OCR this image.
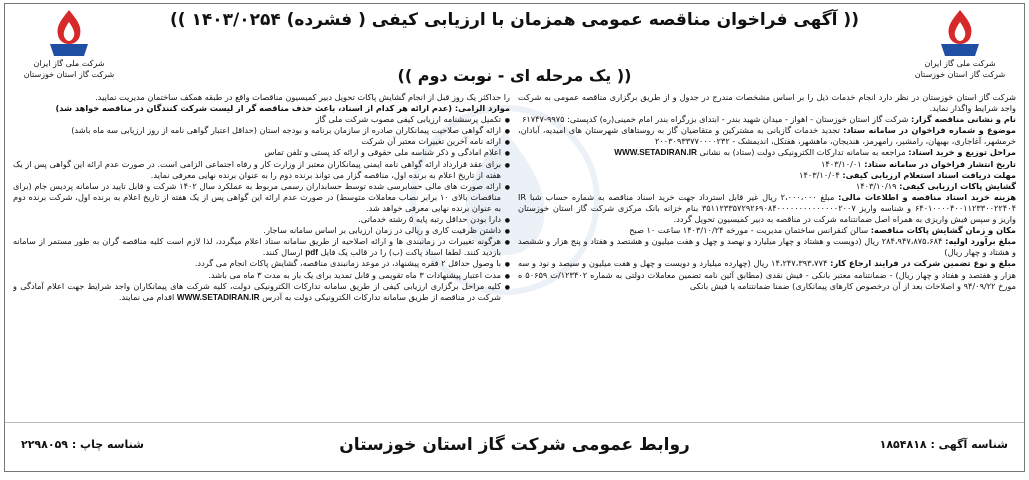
شرکت ملی گاز ایران
شرکت گاز استان خوزستان
شرکت ملی گاز ایران
شرکت گاز استان خوزستان
(( آگهی فراخوان مناقصه عمومی همزمان با ارزیابی کیفی ( فشرده) ۱۴۰۳/۰۲۵۴ ))
(( یک مرحله ای - نوبت دوم ))

شرکت گاز استان خوزستان در نظر دارد انجام خدمات ذیل را بر اساس مشخصات مندرج در جدول و از طریق برگزاری مناقصه عمومی به شرکت واجد شرایط واگذار نماید.

نام و نشانی مناقصه گزار: شرکت گاز استان خوزستان - اهواز - میدان شهید بندر - ابتدای بزرگراه بندر امام خمینی(ره) کدپستی: ۹۹۷۵-۶۱۷۴۷

موضوع و شماره فراخوان در سامانه ستاد: تجدید خدمات گازبانی به مشترکین و متقاضیان گاز به روستاهای شهرستان های امیدیه، آبادان، خرمشهر، آغاجاری، بهبهان، رامشیر، رامهرمز، هندیجان، ماهشهر، هفتکل، اندیمشک - ۲۰۰۳۰۹۳۳۷۷۰۰۰۰۲۳۲

مراحل توزیع و خرید اسناد: مراجعه به سامانه تدارکات الکترونیکی دولت (ستاد) به نشانی WWW.SETADIRAN.IR

تاریخ انتشار فراخوان در سامانه ستاد: ۱۴۰۳/۱۰/۰۱

مهلت دریافت اسناد استعلام ارزیابی کیفی: ۱۴۰۳/۱۰/۰۴

گشایش پاکات ارزیابی کیفی: ۱۴۰۳/۱۰/۱۹

هزینه خرید اسناد مناقصه و اطلاعات مالی: مبلغ ۲،۰۰۰،۰۰۰ ریال غیر قابل استرداد جهت خرید اسناد مناقصه به شماره حساب شبا IR ۶۴۰۱۰۰۰۰۴۰۰۱۱۲۳۳۰۰۲۲۴۰۴ و شناسه واریز ۳۵۱۱۲۳۳۵۷۲۹۲۶۹۰۸۴۰۰۰۰۰۰۰۰۰۰۰۰۰۰۲۰۰۷ بنام خزانه بانک مرکزی شرکت گاز استان خوزستان واریز و سپس فیش واریزی به همراه اصل ضمانتنامه شرکت در مناقصه به دبیر کمیسیون تحویل گردد.

مکان و زمان گشایش پاکات مناقصه: سالن کنفرانس ساختمان مدیریت - مورخه ۱۴۰۳/۱۰/۲۴ ساعت ۱۰ صبح

مبلغ برآورد اولیه: ۲۸۴،۹۴۷،۸۷۵،۶۸۴ ریال (دویست و هشتاد و چهار میلیارد و نهصد و چهل و هفت میلیون و هشتصد و هفتاد و پنج هزار و ششصد و هشتاد و چهار ریال)

مبلغ و نوع تضمین شرکت در فرایند ارجاع کار: ۱۴،۲۴۷،۳۹۳،۷۷۴ ریال (چهارده میلیارد و دویست و چهل و هفت میلیون و سیصد و نود و سه هزار و هفتصد و هفتاد و چهار ریال) - ضمانتنامه معتبر بانکی - فیش نقدی (مطابق آئین نامه تضمین معاملات دولتی به شماره ۱۲۳۴۰۲/ت ۵۰۶۵۹ ه مورخ ۹۴/۰۹/۲۲ و اصلاحات بعد از آن درخصوص کارهای پیمانکاری) ضمنا ضمانتنامه یا فیش بانکی

را حداکثر یک روز قبل از انجام گشایش پاکات تحویل دبیر کمیسیون مناقصات واقع در طبقه همکف ساختمان مدیریت نمایید.

موارد الزامی: (عدم ارائه هر کدام از اسناد، باعث حذف مناقصه گر از لیست شرکت کنندگان در مناقصه خواهد شد)

● تکمیل پرسشنامه ارزیابی کیفی مصوب شرکت ملی گاز
● ارائه گواهی صلاحیت پیمانکاران صادره از سازمان برنامه و بودجه استان (حداقل اعتبار گواهی نامه از روز ارزیابی سه ماه باشد)
● ارائه نامه آخرین تغییرات معتبر آن شرکت
● اعلام امادگی و ذکر شناسه ملی حقوقی و ارائه کد پستی و تلفن تماس
● برای عقد قرارداد ارائه گواهی نامه ایمنی پیمانکاران معتبر از وزارت کار و رفاه اجتماعی الزامی است. در صورت عدم ارائه این گواهی پس از یک هفته از تاریخ اعلام به برنده اول، مناقصه گزار می تواند برنده دوم را به عنوان برنده نهایی معرفی نماید.
● ارائه صورت های مالی حسابرسی شده توسط حسابداران رسمی مربوط به عملکرد سال ۱۴۰۲ شرکت و قابل تایید در سامانه پردیس جام (برای مناقصات بالای ۱۰ برابر نصاب معاملات متوسط) در صورت عدم ارائه این گواهی پس از یک هفته از تاریخ اعلام به برنده اول، شرکت برنده دوم به عنوان برنده نهایی معرفی خواهد شد.
● دارا بودن حداقل رتبه پایه ۵ رشته خدماتی.
● داشتن ظرفیت کاری و ریالی در زمان ارزیابی بر اساس سامانه ساجار.
● هرگونه تغییرات در زمانبندی ها و ارائه اصلاحیه از طریق سامانه ستاد اعلام میگردد، لذا لازم است کلیه مناقصه گران به طور مستمر از سامانه بازدید کنند. لطفا اسناد پاکت (ب) را در قالب یک فایل pdf ارسال کنند.
● با وصول حداقل ۲ فقره پیشنهاد، در موعد زمانبندی مناقصه، گشایش پاکات انجام می گردد.
● مدت اعتبار پیشنهادات ۳ ماه تقویمی و قابل تمدید برای یک بار به مدت ۳ ماه می باشد.
● کلیه مراحل برگزاری ارزیابی کیفی از طریق سامانه تدارکات الکترونیکی دولت، کلیه شرکت های پیمانکاران واجد شرایط جهت اعلام آمادگی و شرکت در مناقصه از طریق سامانه تدارکات الکترونیکی دولت به آدرس WWW.SETADIRAN.IR اقدام می نمایند.
شناسه آگهی : ۱۸۵۴۸۱۸
روابط عمومی شرکت گاز استان خوزستان
شناسه چاپ : ۲۲۹۸۰۵۹
